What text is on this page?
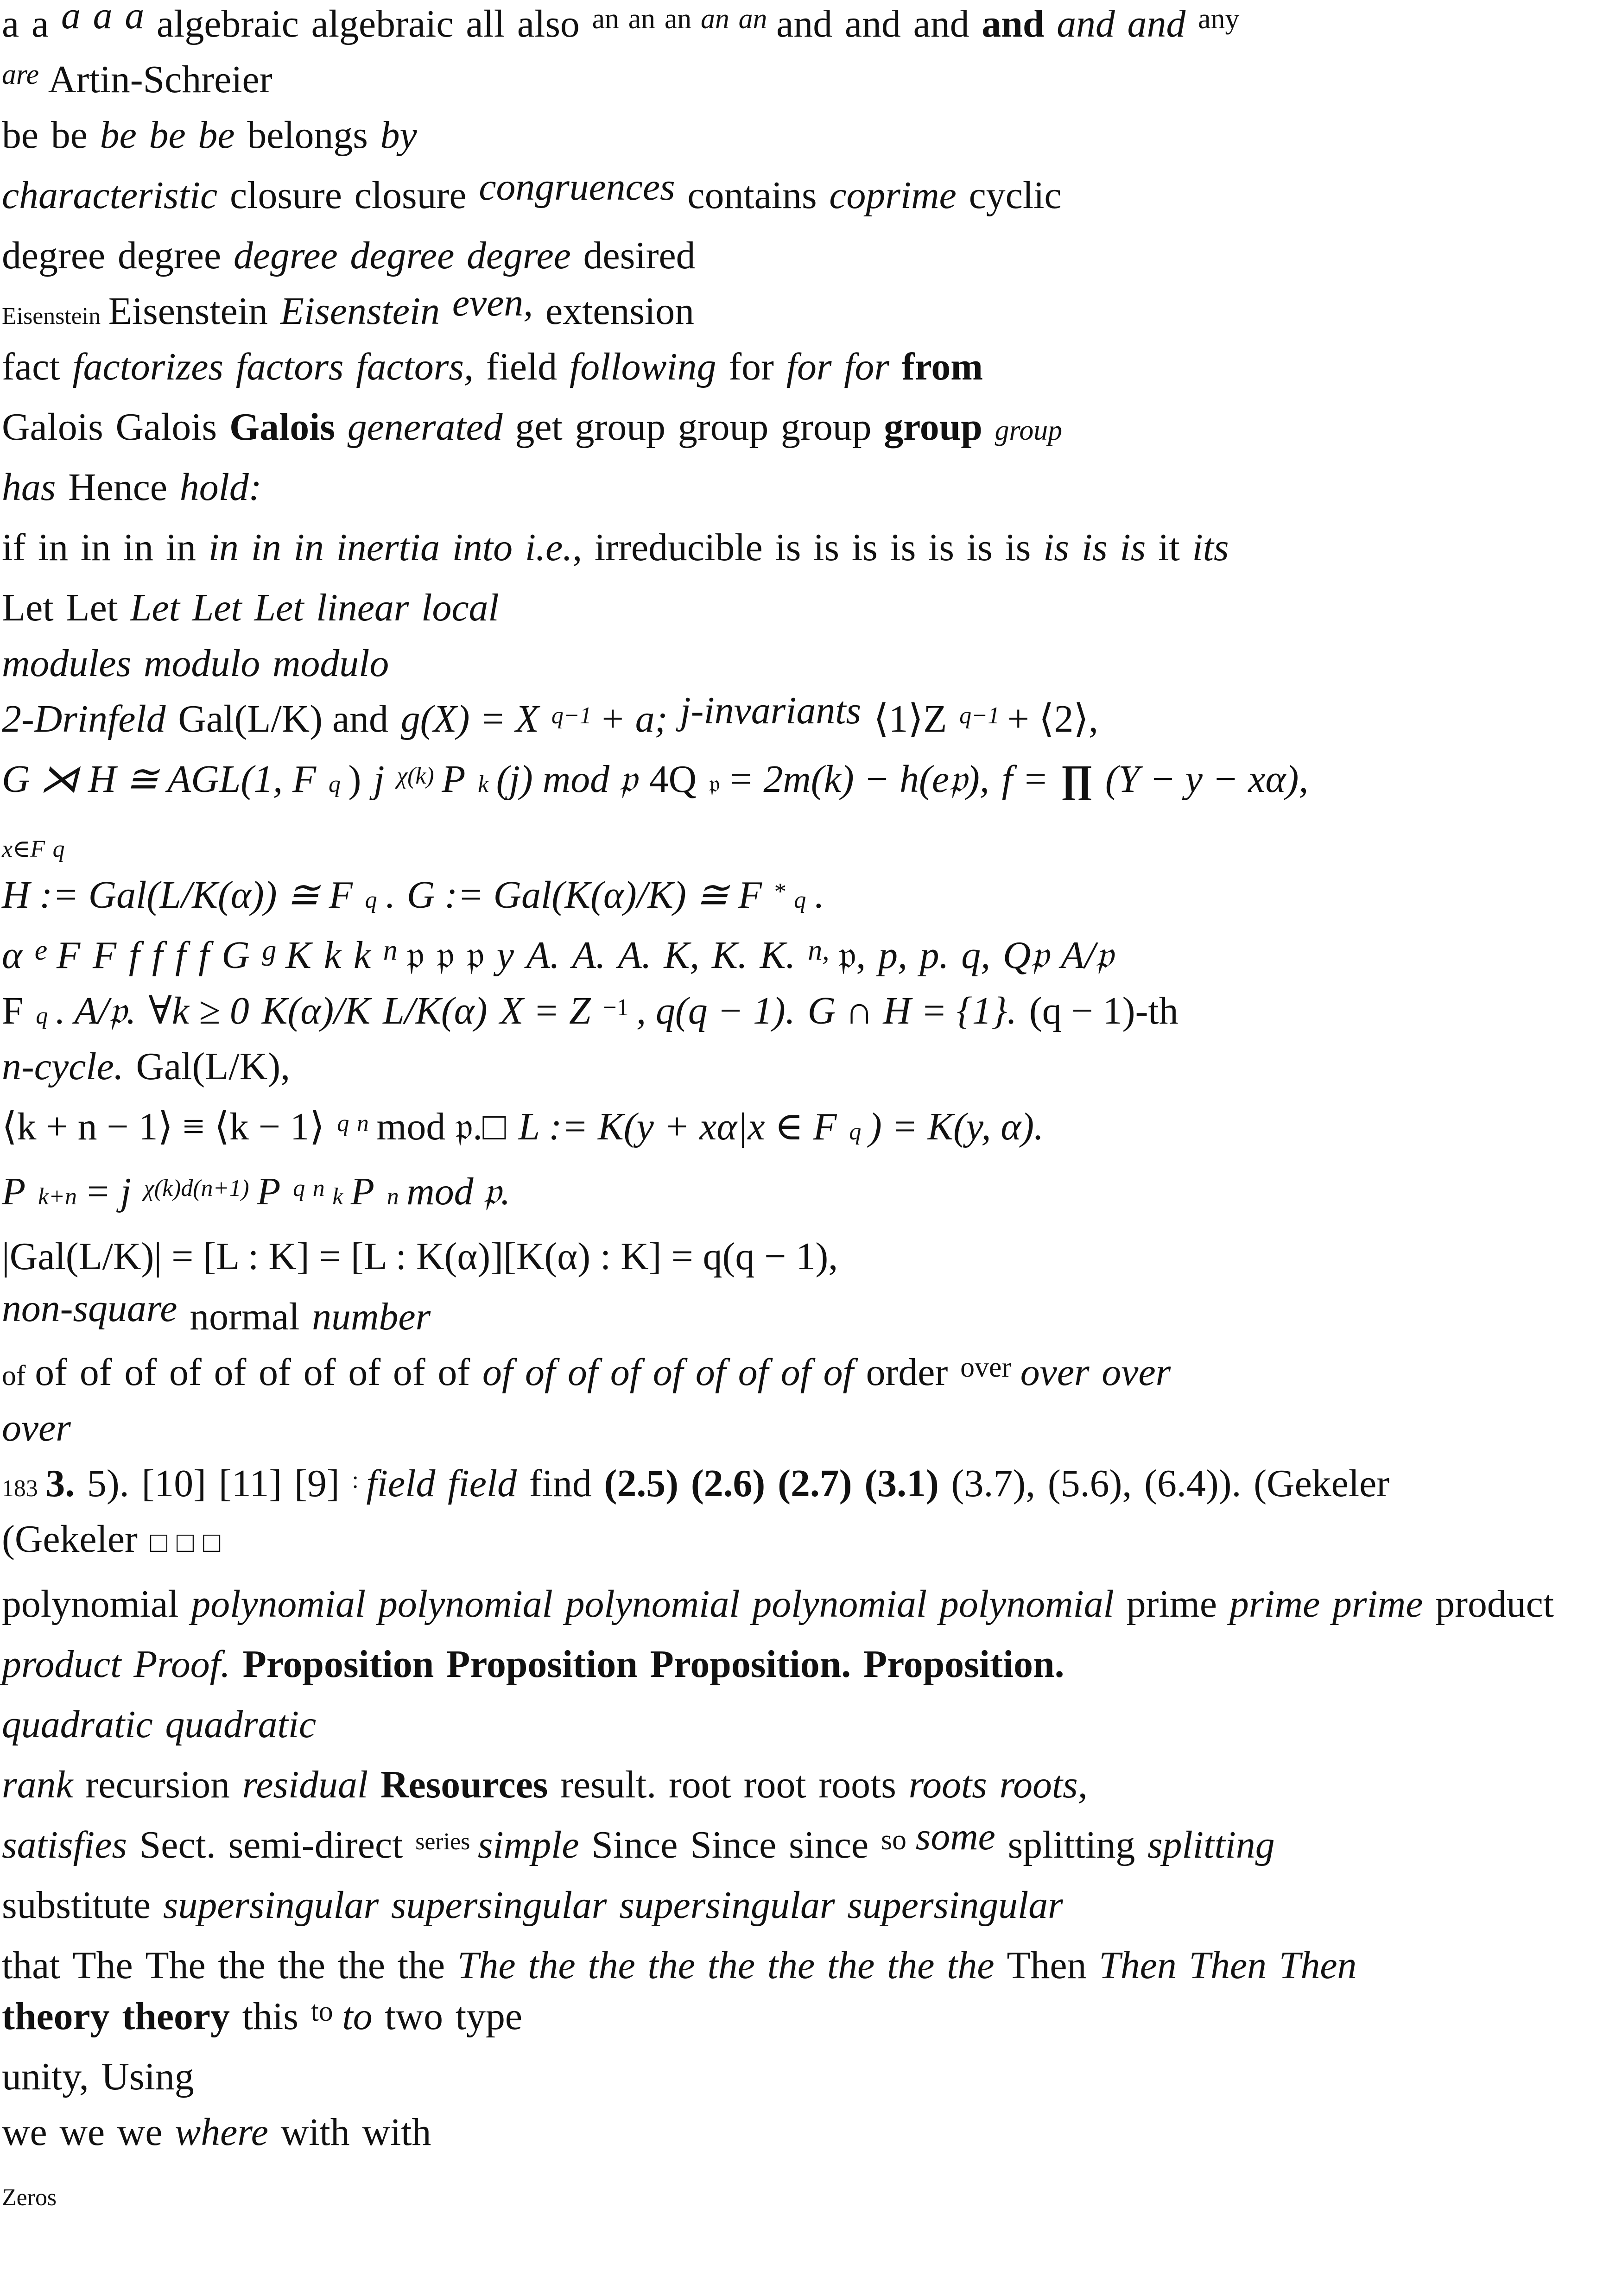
a a a a a algebraic algebraic all also $^{an}$ $^{an}$ $^{an}$ $^{an}$ $^{an}$ and and and and and and $^{any}$
$^{are}$ Artin-Schreier
be be be be be belongs by
characteristic closure closure congruences contains coprime cyclic
degree degree degree degree degree desired
Eisenstein Eisenstein Eisenstein even, extension
fact factorizes factors factors, field following for for for from
Galois Galois Galois generated get group group group group group
has Hence hold:
if in in in in in in in inertia into i.e., irreducible is is is is is is is is is is it its
Let Let Let Let Let linear local
modules modulo modulo
2-Drinfeld Gal(L/K) and g(X) = X $^{q-1}$ + a; j-invariants ⟨1⟩Z $^{q-1}$ + ⟨2⟩,
G ⋊ H ≅ AGL(1, F q ) j $^{\chi(k)}$ P k (j) mod 𝔭 4Q 𝔭 = 2m(k) − h(e𝔭), f = ∏ (Y − y − xα),
x∈F q
H := Gal(L/K(α)) ≅ F q . G := Gal(K(α)/K) ≅ F * q .
α $^e$ F F f f f f G $^g$ K k k $^n$ 𝔭 𝔭 𝔭 y A. A. A. K, K. K. $^{n,}$ 𝔭, p, p. q, Q𝔭 A/𝔭
Fq . A/𝔭. ∀k ≥ 0 K(α)/K L/K(α) X = Z $^{-1}$ , q(q − 1). G ∩ H = {1}. (q − 1)-th
n-cycle. Gal(L/K),
⟨k + n − 1⟩ ≡ ⟨k − 1⟩ $^q$ $^n$ mod 𝔭.□ L := K(y + xα|x ∈ F q ) = K(y, α).
Pk+n = j $^{\chi(k)d(n+1)}$ P $^q$ $^n$ k P n mod 𝔭.
|Gal(L/K)| = [L : K] = [L : K(α)][K(α) : K] = q(q − 1),
non-square normal number
of of of of of of of of of of of of of of of of of of of of order $^{over}$ over over
over
183 3. 5). [10] [11] [9] : field field find (2.5) (2.6) (2.7) (3.1) (3.7), (5.6), (6.4)). (Gekeler
(Gekeler □ □ □
polynomial polynomial polynomial polynomial polynomial polynomial prime prime prime product
product Proof. Proposition Proposition Proposition. Proposition.
quadratic quadratic
rank recursion residual Resources result. root root roots roots roots,
satisfies Sect. semi-direct $^{series}$ simple Since Since since $^{so}$ some splitting splitting
substitute supersingular supersingular supersingular supersingular
that The The the the the the The the the the the the the the the Then Then Then Then
theory theory this $^{to}$ to two type
unity, Using
we we we where with with
Zeros
